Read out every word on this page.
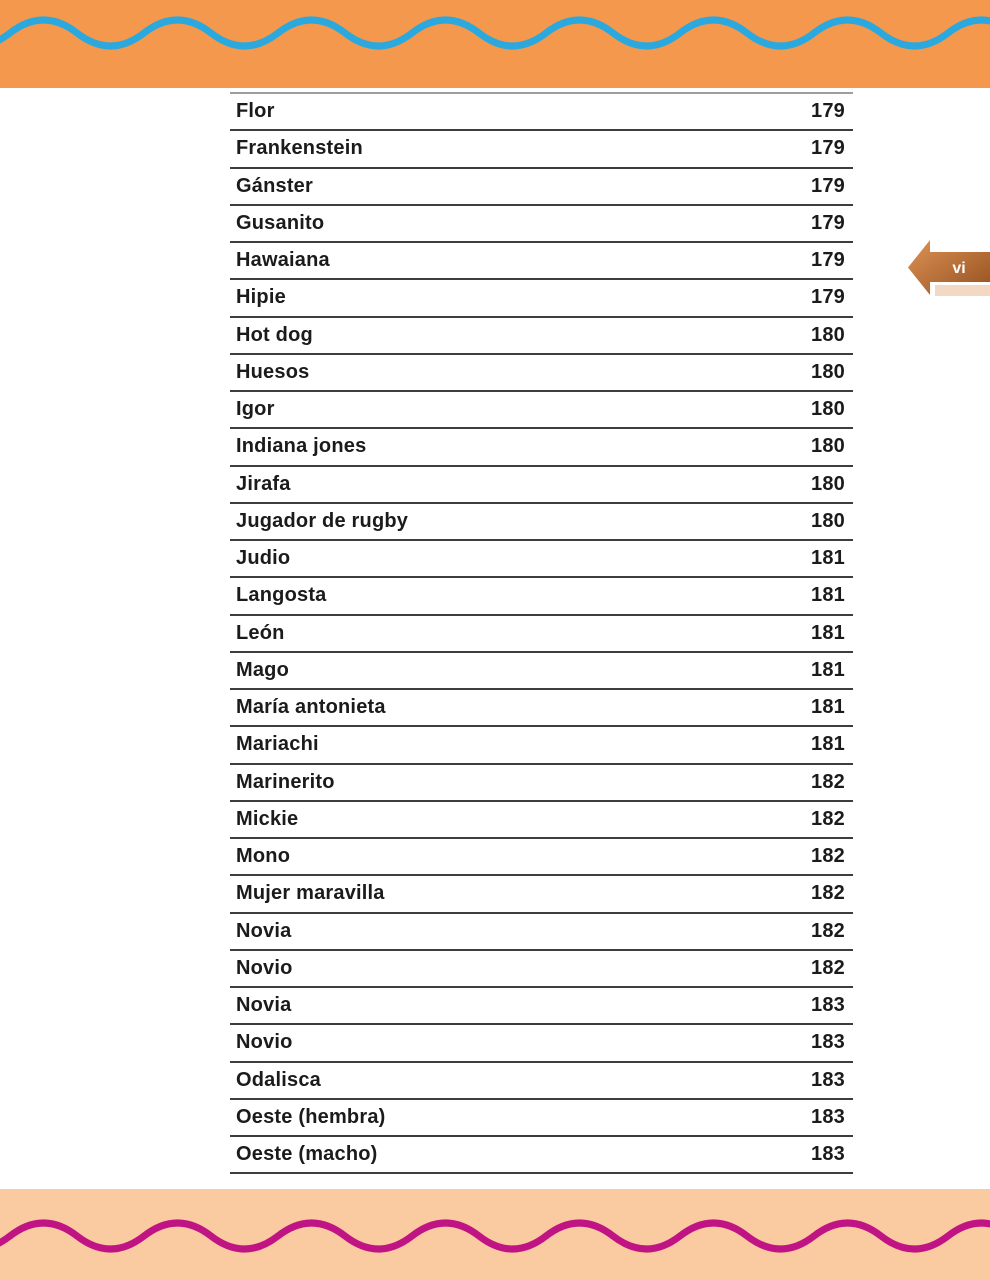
Flor	179
Frankenstein	179
Gánster	179
Gusanito	179
Hawaiana	179
Hipie	179
Hot dog	180
Huesos	180
Igor	180
Indiana jones	180
Jirafa	180
Jugador de rugby	180
Judio	181
Langosta	181
León	181
Mago	181
María antonieta	181
Mariachi	181
Marinerito	182
Mickie	182
Mono	182
Mujer maravilla	182
Novia	182
Novio	182
Novia	183
Novio	183
Odalisca	183
Oeste (hembra)	183
Oeste (macho)	183
vi
